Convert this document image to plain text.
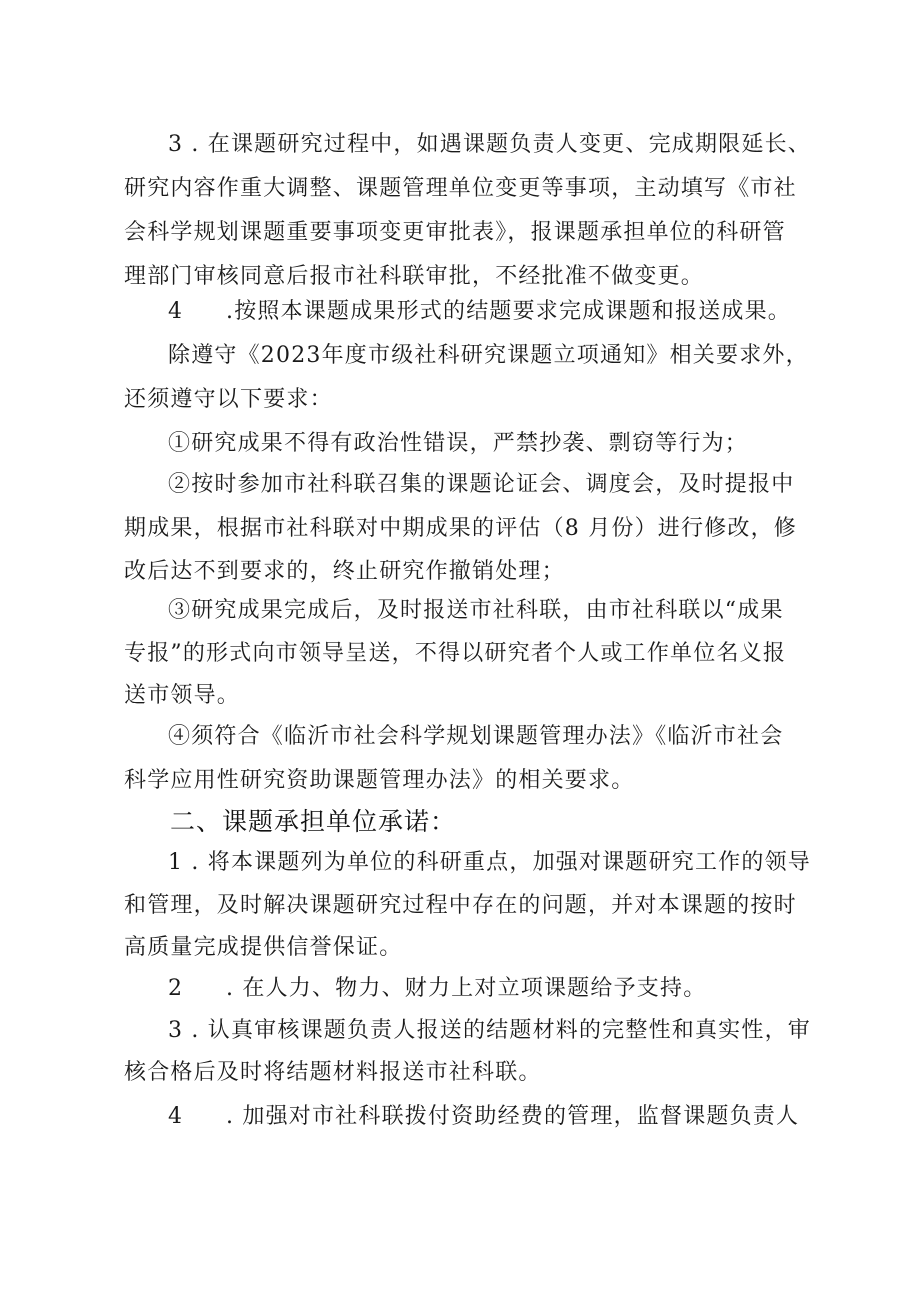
3 . 在课题研究过程中，如遇课题负责人变更、完成期限延长、
研究内容作重大调整、课题管理单位变更等事项，主动填写《市社
会科学规划课题重要事项变更审批表》，报课题承担单位的科研管
理部门审核同意后报市社科联审批，不经批准不做变更。
4 .按照本课题成果形式的结题要求完成课题和报送成果。
除遵守《2023年度市级社科研究课题立项通知》相关要求外，
还须遵守以下要求：
①研究成果不得有政治性错误，严禁抄袭、剽窃等行为；
②按时参加市社科联召集的课题论证会、调度会，及时提报中
期成果，根据市社科联对中期成果的评估（8 月份）进行修改，修
改后达不到要求的，终止研究作撤销处理；
③研究成果完成后，及时报送市社科联，由市社科联以“成果
专报”的形式向市领导呈送，不得以研究者个人或工作单位名义报
送市领导。
④须符合《临沂市社会科学规划课题管理办法》《临沂市社会
科学应用性研究资助课题管理办法》的相关要求。
二、课题承担单位承诺：
1 . 将本课题列为单位的科研重点，加强对课题研究工作的领导
和管理，及时解决课题研究过程中存在的问题，并对本课题的按时
高质量完成提供信誉保证。
2 . 在人力、物力、财力上对立项课题给予支持。
3 . 认真审核课题负责人报送的结题材料的完整性和真实性，审
核合格后及时将结题材料报送市社科联。
4 . 加强对市社科联拨付资助经费的管理，监督课题负责人
